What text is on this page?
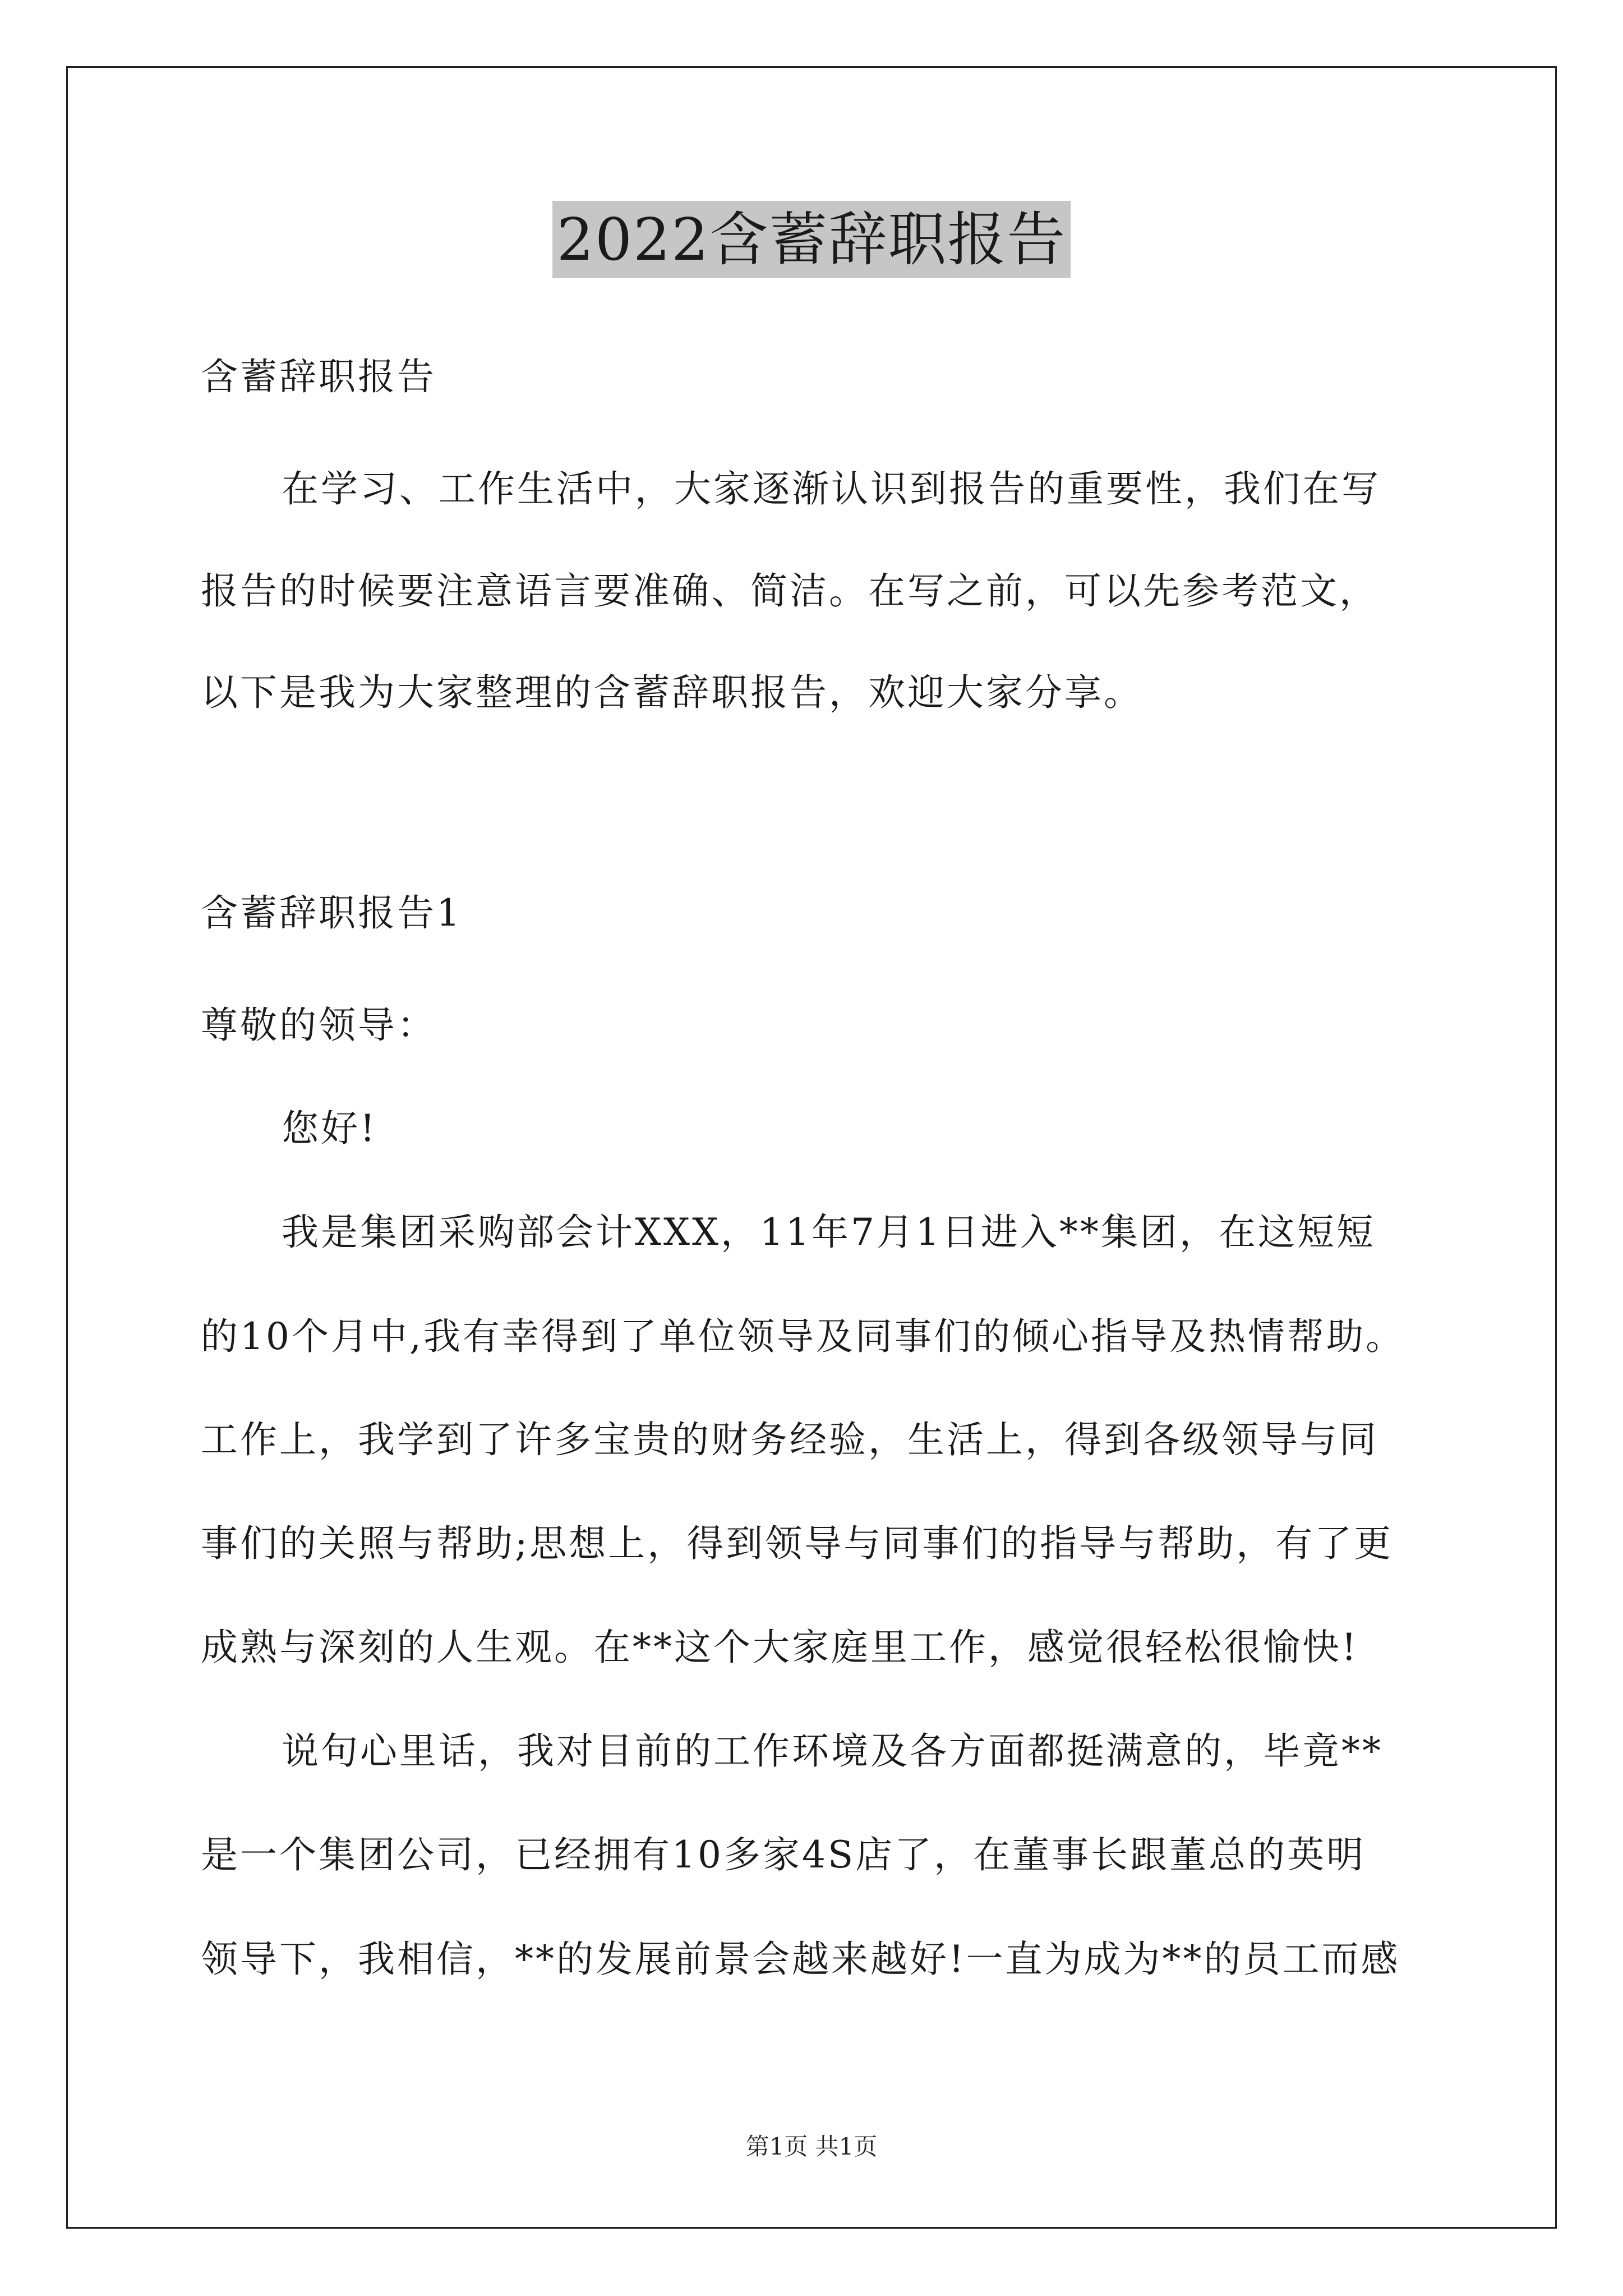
2022含蓄辞职报告
含蓄辞职报告
在学习、工作生活中，大家逐渐认识到报告的重要性，我们在写
报告的时候要注意语言要准确、简洁。在写之前，可以先参考范文，
以下是我为大家整理的含蓄辞职报告，欢迎大家分享。
含蓄辞职报告1
尊敬的领导：
您好!
我是集团采购部会计XXX，11年7月1日进入**集团，在这短短
的10个月中,我有幸得到了单位领导及同事们的倾心指导及热情帮助。
工作上，我学到了许多宝贵的财务经验，生活上，得到各级领导与同
事们的关照与帮助;思想上，得到领导与同事们的指导与帮助，有了更
成熟与深刻的人生观。在**这个大家庭里工作，感觉很轻松很愉快!
说句心里话，我对目前的工作环境及各方面都挺满意的，毕竟**
是一个集团公司，已经拥有10多家4S店了，在董事长跟董总的英明
领导下，我相信，**的发展前景会越来越好!一直为成为**的员工而感
第1页 共1页
